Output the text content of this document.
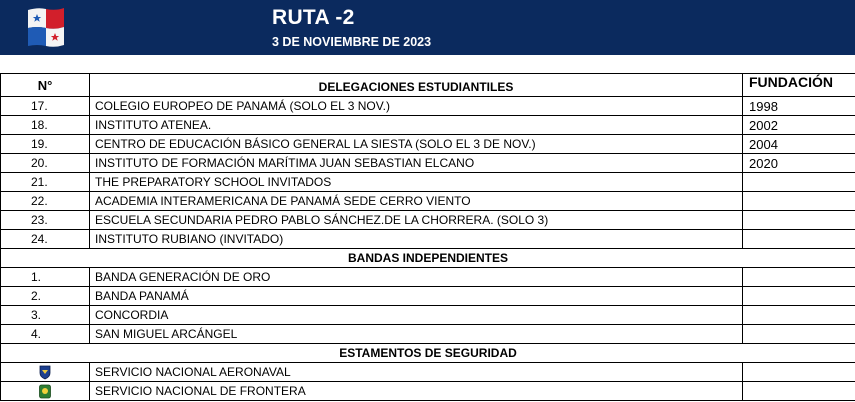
RUTA -2
3 DE NOVIEMBRE DE 2023
N°	DELEGACIONES ESTUDIANTILES	FUNDACIÓN
17.	COLEGIO EUROPEO DE PANAMÁ (SOLO EL 3 NOV.)	1998
18.	INSTITUTO ATENEA.	2002
19.	CENTRO DE EDUCACIÓN BÁSICO GENERAL LA SIESTA (SOLO EL 3 DE NOV.)	2004
20.	INSTITUTO DE FORMACIÓN MARÍTIMA JUAN SEBASTIAN ELCANO	2020
21.	THE PREPARATORY SCHOOL INVITADOS	
22.	ACADEMIA INTERAMERICANA DE PANAMÁ SEDE CERRO VIENTO	
23.	ESCUELA SECUNDARIA PEDRO PABLO SÁNCHEZ.DE LA CHORRERA. (SOLO 3)	
24.	INSTITUTO RUBIANO (INVITADO)	
BANDAS INDEPENDIENTES		
1.	BANDA GENERACIÓN DE ORO	
2.	BANDA PANAMÁ	
3.	CONCORDIA	
4.	SAN MIGUEL ARCÁNGEL	
ESTAMENTOS DE SEGURIDAD		
	SERVICIO NACIONAL AERONAVAL	
	SERVICIO NACIONAL DE FRONTERA	
